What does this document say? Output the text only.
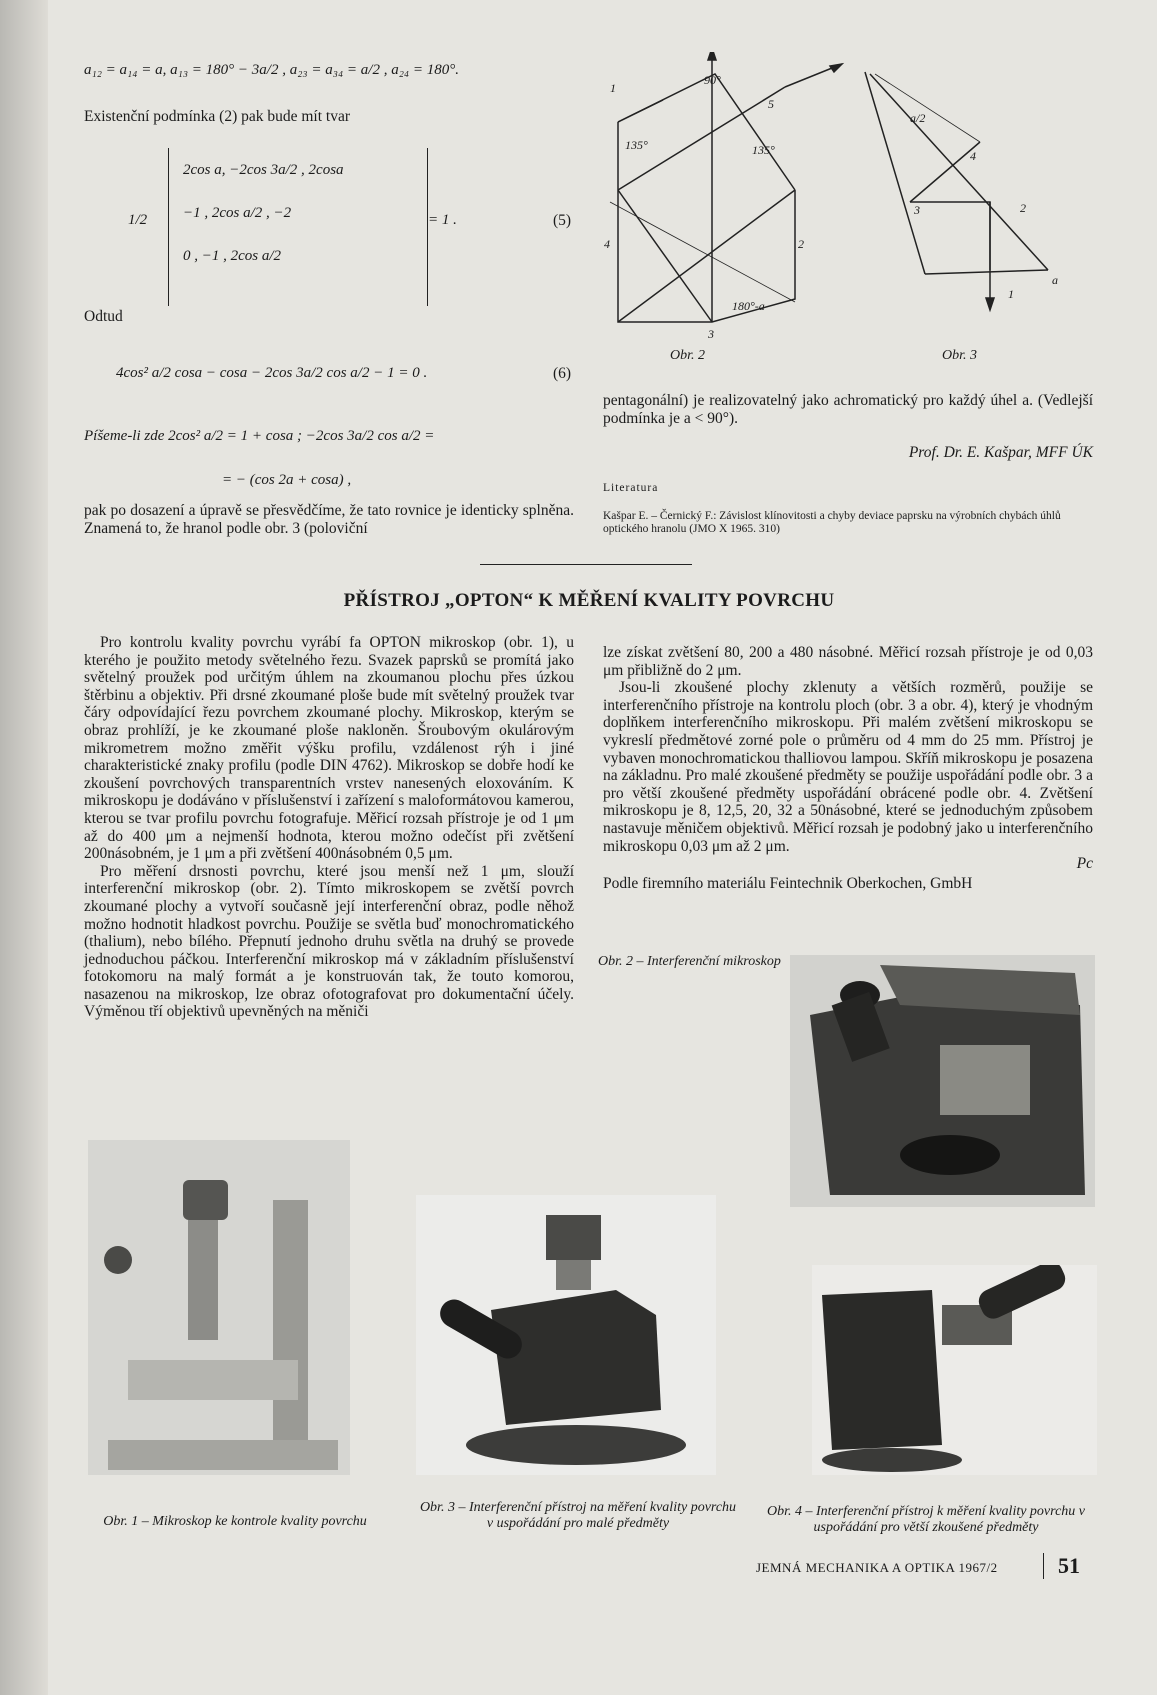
a₁₂ = a₁₄ = a, a₁₃ = 180° − 3a/2 , a₂₃ = a₃₄ = a/2 , a₂₄ = 180°.
Existenční podmínka (2) pak bude mít tvar
1/2
2cos a, −2cos 3a/2 , 2cosa
−1 , 2cos a/2 , −2
0 , −1 , 2cos a/2
= 1 .	(5)
Odtud
4cos² a/2 cosa − cosa − 2cos 3a/2 cos a/2 − 1 = 0 .	(6)
Píšeme-li zde 2cos² a/2 = 1 + cosa ; −2cos 3a/2 cos a/2 =
= − (cos 2a + cosa) ,

pak po dosazení a úpravě se přesvědčíme, že tato rovnice je identicky splněna. Znamená to, že hranol podle obr. 3 (poloviční

1
90°
5
135°	135°
4	2
180°-a
3
a/2
4
3	2
1
a
Obr. 2	Obr. 3

pentagonální) je realizovatelný jako achromatický pro každý úhel a. (Vedlejší podmínka je a < 90°).

Prof. Dr. E. Kašpar, MFF ÚK
Literatura
Kašpar E. – Černický F.: Závislost klínovitosti a chyby deviace paprsku na výrobních chybách úhlů optického hranolu (JMO X 1965. 310)
PŘÍSTROJ „OPTON“ K MĚŘENÍ KVALITY POVRCHU

Pro kontrolu kvality povrchu vyrábí fa OPTON mikroskop (obr. 1), u kterého je použito metody světelného řezu. Svazek paprsků se promítá jako světelný proužek pod určitým úhlem na zkoumanou plochu přes úzkou štěrbinu a objektiv. Při drsné zkoumané ploše bude mít světelný proužek tvar čáry odpovídající řezu povrchem zkoumané plochy. Mikroskop, kterým se obraz prohlíží, je ke zkoumané ploše nakloněn. Šroubovým okulárovým mikrometrem možno změřit výšku profilu, vzdálenost rýh i jiné charakteristické znaky profilu (podle DIN 4762). Mikroskop se dobře hodí ke zkoušení povrchových transparentních vrstev nanesených eloxováním. K mikroskopu je dodáváno v příslušenství i zařízení s maloformátovou kamerou, kterou se tvar profilu povrchu fotografuje. Měřicí rozsah přístroje je od 1 μm až do 400 μm a nejmenší hodnota, kterou možno odečíst při zvětšení 200násobném, je 1 μm a při zvětšení 400násobném 0,5 μm.

Pro měření drsnosti povrchu, které jsou menší než 1 μm, slouží interferenční mikroskop (obr. 2). Tímto mikroskopem se zvětší povrch zkoumané plochy a vytvoří současně její interferenční obraz, podle něhož možno hodnotit hladkost povrchu. Použije se světla buď monochromatického (thalium), nebo bílého. Přepnutí jednoho druhu světla na druhý se provede jednoduchou páčkou. Interferenční mikroskop má v základním příslušenství fotokomoru na malý formát a je konstruován tak, že touto komorou, nasazenou na mikroskop, lze obraz ofotografovat pro dokumentační účely. Výměnou tří objektivů upevněných na měniči

lze získat zvětšení 80, 200 a 480 násobné. Měřicí rozsah přístroje je od 0,03 μm přibližně do 2 μm.

Jsou-li zkoušené plochy zklenuty a větších rozměrů, použije se interferenčního přístroje na kontrolu ploch (obr. 3 a obr. 4), který je vhodným doplňkem interferenčního mikroskopu. Při malém zvětšení mikroskopu se vykreslí předmětové zorné pole o průměru od 4 mm do 25 mm. Přístroj je vybaven monochromatickou thalliovou lampou. Skříň mikroskopu je posazena na základnu. Pro malé zkoušené předměty se použije uspořádání podle obr. 3 a pro větší zkoušené předměty uspořádání obrácené podle obr. 4. Zvětšení mikroskopu je 8, 12,5, 20, 32 a 50násobné, které se jednoduchým způsobem nastavuje měničem objektivů. Měřicí rozsah je podobný jako u interferenčního mikroskopu 0,03 μm až 2 μm.

Pc

Podle firemního materiálu Feintechnik Oberkochen, GmbH

Obr. 2 – Interferenční mikroskop
Obr. 1 – Mikroskop ke kontrole kvality povrchu
Obr. 3 – Interferenční přístroj na měření kvality povrchu v uspořádání pro malé předměty
Obr. 4 – Interferenční přístroj k měření kvality povrchu v uspořádání pro větší zkoušené předměty
JEMNÁ MECHANIKA A OPTIKA 1967/2	51
